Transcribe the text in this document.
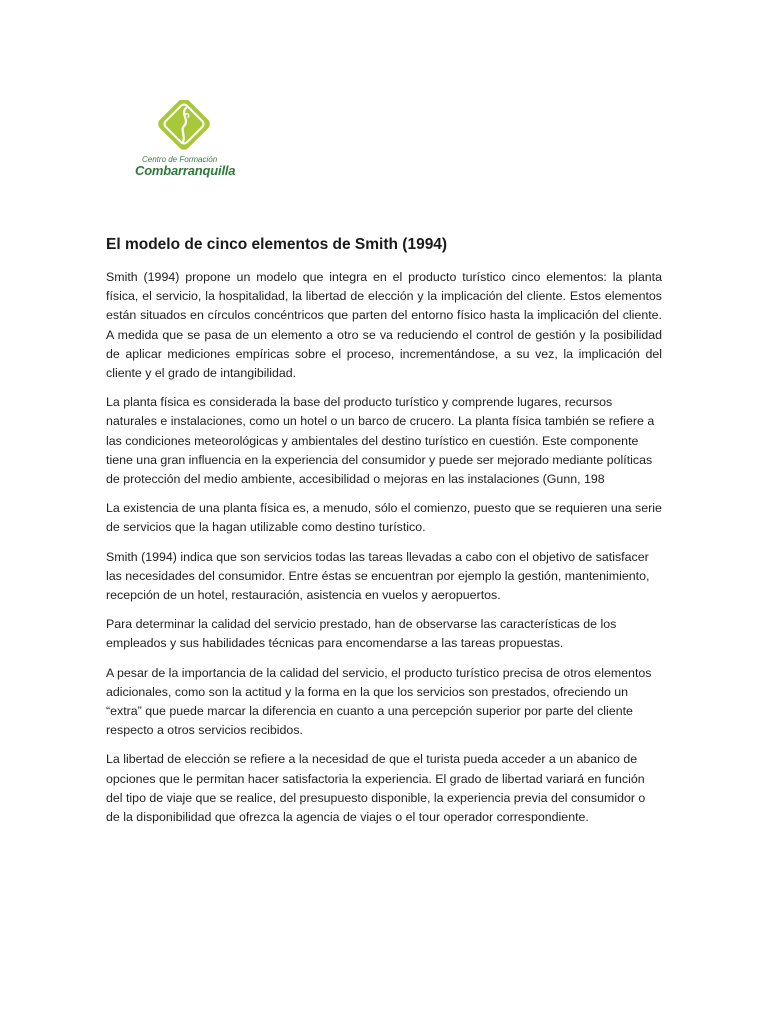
Centro de Formación
Combarranquilla
El modelo de cinco elementos de Smith (1994)

Smith (1994) propone un modelo que integra en el producto turístico cinco elementos: la planta física, el servicio, la hospitalidad, la libertad de elección y la implicación del cliente. Estos elementos están situados en círculos concéntricos que parten del entorno físico hasta la implicación del cliente. A medida que se pasa de un elemento a otro se va reduciendo el control de gestión y la posibilidad de aplicar mediciones empíricas sobre el proceso, incrementándose, a su vez, la implicación del cliente y el grado de intangibilidad.

La planta física es considerada la base del producto turístico y comprende lugares, recursos naturales e instalaciones, como un hotel o un barco de crucero. La planta física también se refiere a las condiciones meteorológicas y ambientales del destino turístico en cuestión. Este componente tiene una gran influencia en la experiencia del consumidor y puede ser mejorado mediante políticas de protección del medio ambiente, accesibilidad o mejoras en las instalaciones (Gunn, 198

La existencia de una planta física es, a menudo, sólo el comienzo, puesto que se requieren una serie de servicios que la hagan utilizable como destino turístico.

Smith (1994) indica que son servicios todas las tareas llevadas a cabo con el objetivo de satisfacer las necesidades del consumidor. Entre éstas se encuentran por ejemplo la gestión, mantenimiento, recepción de un hotel, restauración, asistencia en vuelos y aeropuertos.

Para determinar la calidad del servicio prestado, han de observarse las características de los empleados y sus habilidades técnicas para encomendarse a las tareas propuestas.

A pesar de la importancia de la calidad del servicio, el producto turístico precisa de otros elementos adicionales, como son la actitud y la forma en la que los servicios son prestados, ofreciendo un “extra” que puede marcar la diferencia en cuanto a una percepción superior por parte del cliente respecto a otros servicios recibidos.

La libertad de elección se refiere a la necesidad de que el turista pueda acceder a un abanico de opciones que le permitan hacer satisfactoria la experiencia. El grado de libertad variará en función del tipo de viaje que se realice, del presupuesto disponible, la experiencia previa del consumidor o de la disponibilidad que ofrezca la agencia de viajes o el tour operador correspondiente.
